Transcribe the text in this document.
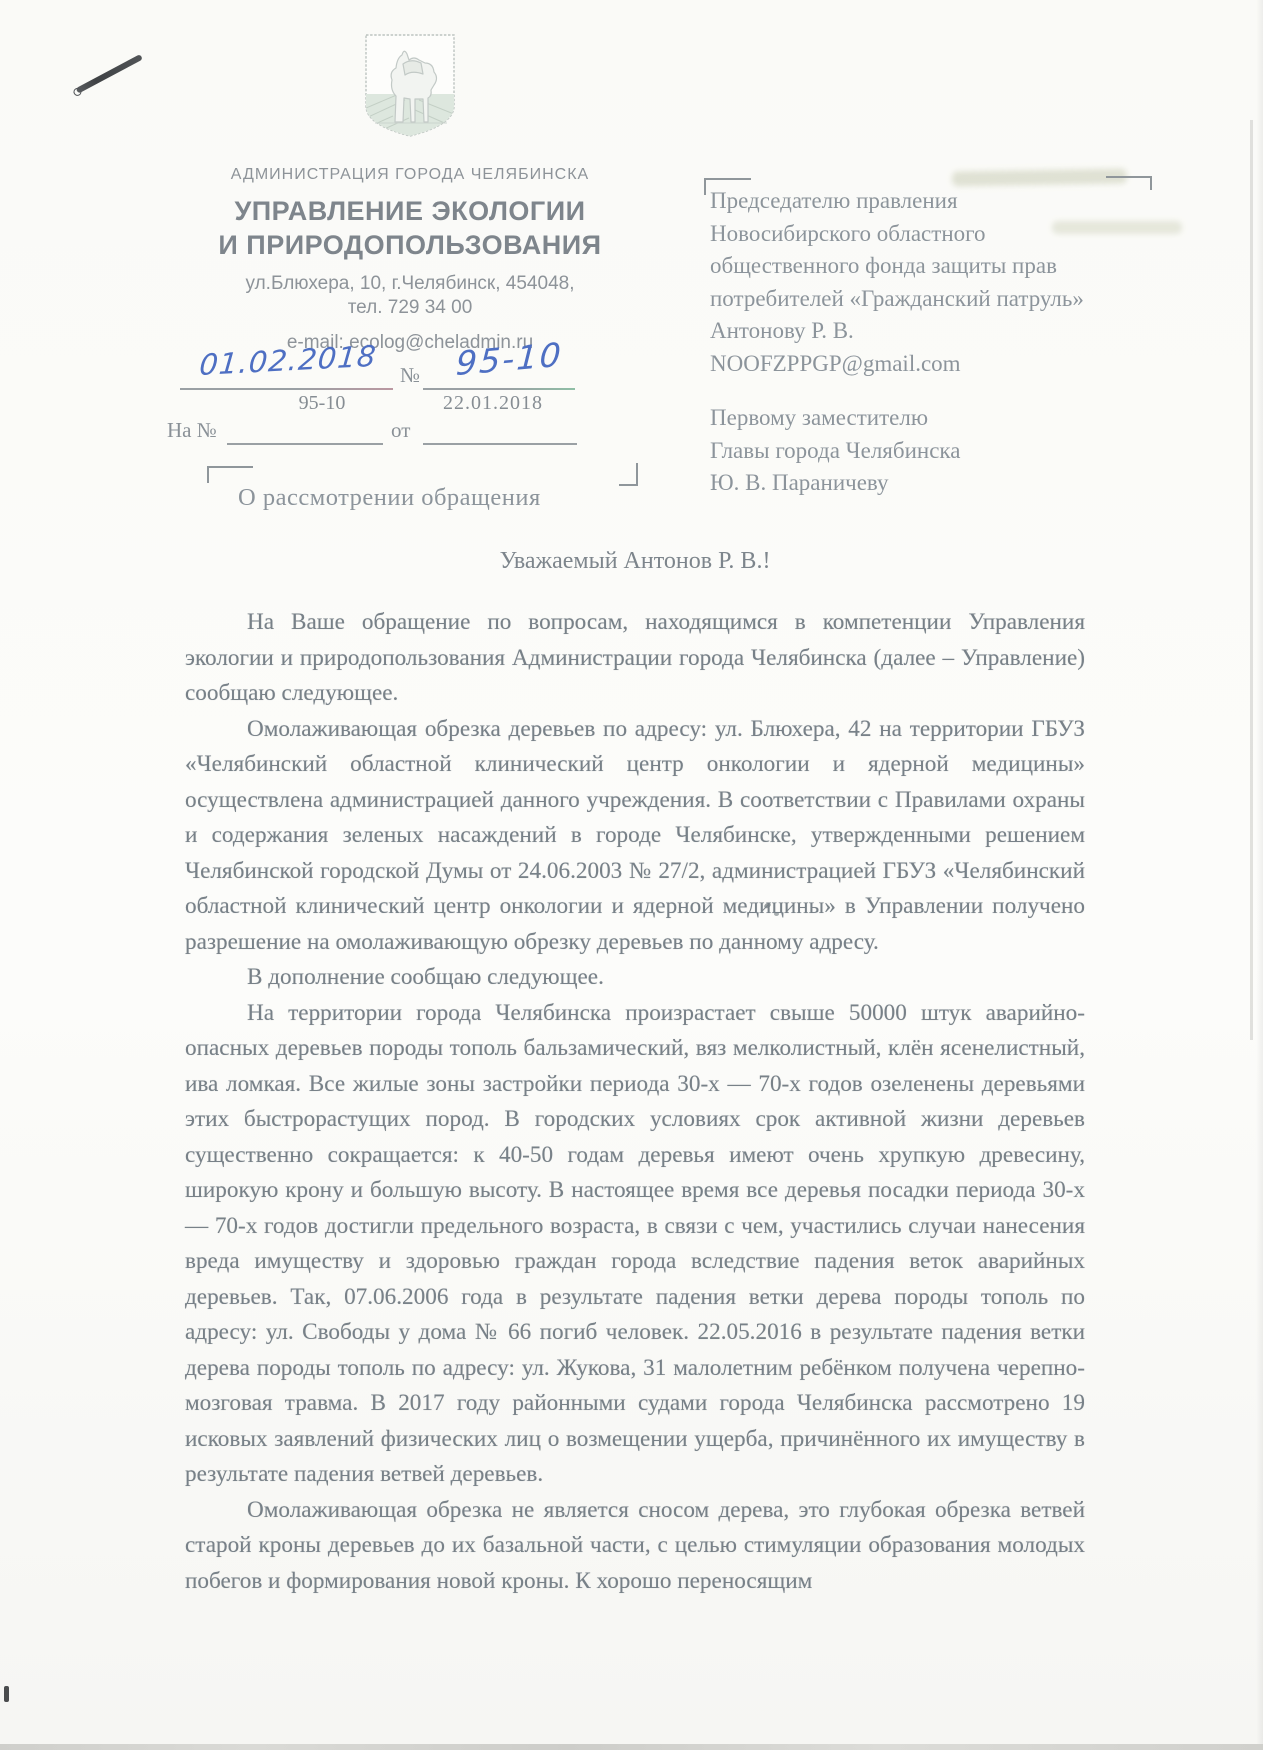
АДМИНИСТРАЦИЯ ГОРОДА ЧЕЛЯБИНСКА
УПРАВЛЕНИЕ ЭКОЛОГИИ
И ПРИРОДОПОЛЬЗОВАНИЯ
ул.Блюхера, 10, г.Челябинск, 454048,
тел. 729 34 00
e-mail: ecolog@cheladmin.ru
01.02.2018
95-10
№ 95-10
22.01.2018
На №	от
О рассмотрении обращения
Председателю правления
Новосибирского областного
общественного фонда защиты прав
потребителей «Гражданский патруль»
Антонову Р. В.
NOOFZPPGP@gmail.com
Первому заместителю
Главы города Челябинска
Ю. В. Параничеву
Уважаемый Антонов Р. В.!

На Ваше обращение по вопросам, находящимся в компетенции Управления экологии и природопользования Администрации города Челябинска (далее – Управление) сообщаю следующее.

Омолаживающая обрезка деревьев по адресу: ул. Блюхера, 42 на территории ГБУЗ «Челябинский областной клинический центр онкологии и ядерной медицины» осуществлена администрацией данного учреждения. В соответствии с Правилами охраны и содержания зеленых насаждений в городе Челябинске, утвержденными решением Челябинской городской Думы от 24.06.2003 № 27/2, администрацией ГБУЗ «Челябинский областной клинический центр онкологии и ядерной медицины» в Управлении получено разрешение на омолаживающую обрезку деревьев по данному адресу.

В дополнение сообщаю следующее.

На территории города Челябинска произрастает свыше 50000 штук аварийно-опасных деревьев породы тополь бальзамический, вяз мелколистный, клён ясенелистный, ива ломкая. Все жилые зоны застройки периода 30-х — 70-х годов озеленены деревьями этих быстрорастущих пород. В городских условиях срок активной жизни деревьев существенно сокращается: к 40-50 годам деревья имеют очень хрупкую древесину, широкую крону и большую высоту. В настоящее время все деревья посадки периода 30-х — 70-х годов достигли предельного возраста, в связи с чем, участились случаи нанесения вреда имуществу и здоровью граждан города вследствие падения веток аварийных деревьев. Так, 07.06.2006 года в результате падения ветки дерева породы тополь по адресу: ул. Свободы у дома № 66 погиб человек. 22.05.2016 в результате падения ветки дерева породы тополь по адресу: ул. Жукова, 31 малолетним ребёнком получена черепно-мозговая травма. В 2017 году районными судами города Челябинска рассмотрено 19 исковых заявлений физических лиц о возмещении ущерба, причинённого их имуществу в результате падения ветвей деревьев.

Омолаживающая обрезка не является сносом дерева, это глубокая обрезка ветвей старой кроны деревьев до их базальной части, с целью стимуляции образования молодых побегов и формирования новой кроны. К хорошо переносящим
